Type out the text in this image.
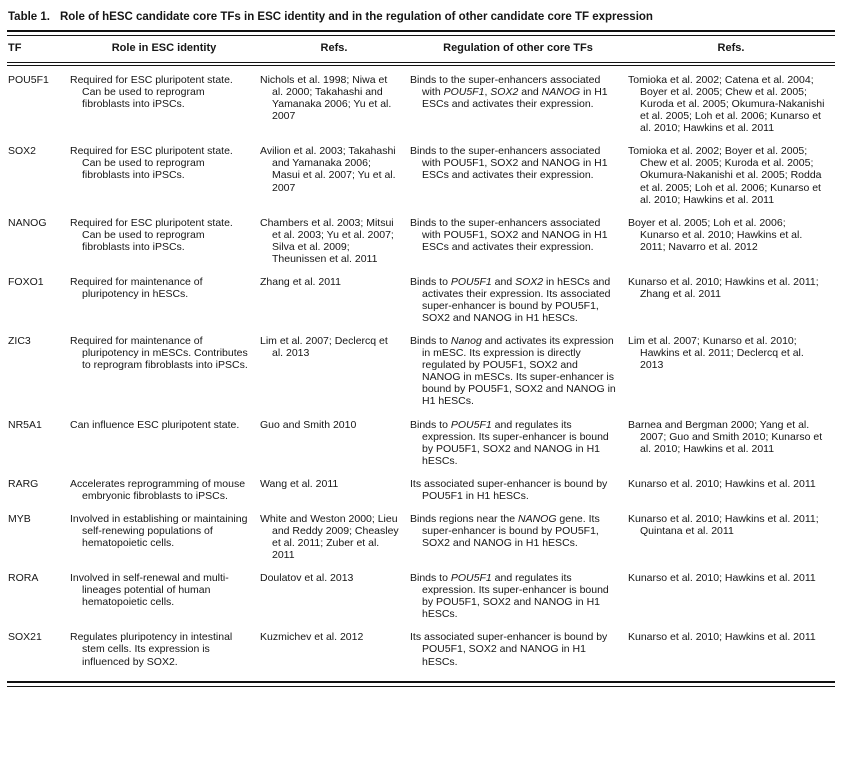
Table 1. Role of hESC candidate core TFs in ESC identity and in the regulation of other candidate core TF expression
TF	Role in ESC identity	Refs.	Regulation of other core TFs	Refs.
POU5F1	Required for ESC pluripotent state. Can be used to reprogram fibroblasts into iPSCs.	Nichols et al. 1998; Niwa et al. 2000; Takahashi and Yamanaka 2006; Yu et al. 2007	Binds to the super-enhancers associated with POU5F1, SOX2 and NANOG in H1 ESCs and activates their expression.	Tomioka et al. 2002; Catena et al. 2004; Boyer et al. 2005; Chew et al. 2005; Kuroda et al. 2005; Okumura-Nakanishi et al. 2005; Loh et al. 2006; Kunarso et al. 2010; Hawkins et al. 2011
SOX2	Required for ESC pluripotent state. Can be used to reprogram fibroblasts into iPSCs.	Avilion et al. 2003; Takahashi and Yamanaka 2006; Masui et al. 2007; Yu et al. 2007	Binds to the super-enhancers associated with POU5F1, SOX2 and NANOG in H1 ESCs and activates their expression.	Tomioka et al. 2002; Boyer et al. 2005; Chew et al. 2005; Kuroda et al. 2005; Okumura-Nakanishi et al. 2005; Rodda et al. 2005; Loh et al. 2006; Kunarso et al. 2010; Hawkins et al. 2011
NANOG	Required for ESC pluripotent state. Can be used to reprogram fibroblasts into iPSCs.	Chambers et al. 2003; Mitsui et al. 2003; Yu et al. 2007; Silva et al. 2009; Theunissen et al. 2011	Binds to the super-enhancers associated with POU5F1, SOX2 and NANOG in H1 ESCs and activates their expression.	Boyer et al. 2005; Loh et al. 2006; Kunarso et al. 2010; Hawkins et al. 2011; Navarro et al. 2012
FOXO1	Required for maintenance of pluripotency in hESCs.	Zhang et al. 2011	Binds to POU5F1 and SOX2 in hESCs and activates their expression. Its associated super-enhancer is bound by POU5F1, SOX2 and NANOG in H1 hESCs.	Kunarso et al. 2010; Hawkins et al. 2011; Zhang et al. 2011
ZIC3	Required for maintenance of pluripotency in mESCs. Contributes to reprogram fibroblasts into iPSCs.	Lim et al. 2007; Declercq et al. 2013	Binds to Nanog and activates its expression in mESC. Its expression is directly regulated by POU5F1, SOX2 and NANOG in mESCs. Its super-enhancer is bound by POU5F1, SOX2 and NANOG in H1 hESCs.	Lim et al. 2007; Kunarso et al. 2010; Hawkins et al. 2011; Declercq et al. 2013
NR5A1	Can influence ESC pluripotent state.	Guo and Smith 2010	Binds to POU5F1 and regulates its expression. Its super-enhancer is bound by POU5F1, SOX2 and NANOG in H1 hESCs.	Barnea and Bergman 2000; Yang et al. 2007; Guo and Smith 2010; Kunarso et al. 2010; Hawkins et al. 2011
RARG	Accelerates reprogramming of mouse embryonic fibroblasts to iPSCs.	Wang et al. 2011	Its associated super-enhancer is bound by POU5F1 in H1 hESCs.	Kunarso et al. 2010; Hawkins et al. 2011
MYB	Involved in establishing or maintaining self-renewing populations of hematopoietic cells.	White and Weston 2000; Lieu and Reddy 2009; Cheasley et al. 2011; Zuber et al. 2011	Binds regions near the NANOG gene. Its super-enhancer is bound by POU5F1, SOX2 and NANOG in H1 hESCs.	Kunarso et al. 2010; Hawkins et al. 2011; Quintana et al. 2011
RORA	Involved in self-renewal and multi-lineages potential of human hematopoietic cells.	Doulatov et al. 2013	Binds to POU5F1 and regulates its expression. Its super-enhancer is bound by POU5F1, SOX2 and NANOG in H1 hESCs.	Kunarso et al. 2010; Hawkins et al. 2011
SOX21	Regulates pluripotency in intestinal stem cells. Its expression is influenced by SOX2.	Kuzmichev et al. 2012	Its associated super-enhancer is bound by POU5F1, SOX2 and NANOG in H1 hESCs.	Kunarso et al. 2010; Hawkins et al. 2011
